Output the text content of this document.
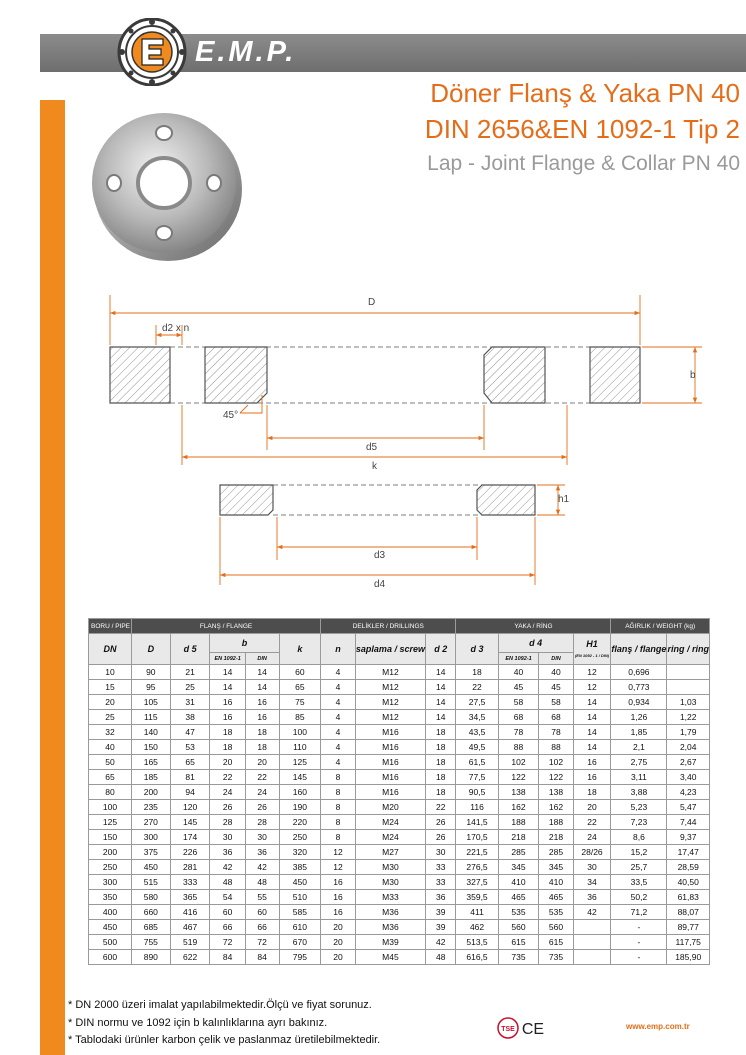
E.M.P.
Döner Flanş & Yaka PN 40
DIN 2656&EN 1092-1 Tip 2
Lap - Joint Flange & Collar PN 40
D
d2 x n
b
45°
d5
k
h1
d3
d4
BORU / PIPE	FLANŞ / FLANGE					DELİKLER / DRILLINGS			YAKA / RİNG				AĞIRLIK / WEIGHT (kg)	
DN	D	d 5	b		k	n	saplama / screw	d 2	d 3	d 4		H1
(EN 1092 - 1 / DIN)	flanş / flange	ring / ring
			EN 1092-1	DIN						EN 1092-1	DIN			
10	90	21	14	14	60	4	M12	14	18	40	40	12	0,696	
15	95	25	14	14	65	4	M12	14	22	45	45	12	0,773	
20	105	31	16	16	75	4	M12	14	27,5	58	58	14	0,934	1,03
25	115	38	16	16	85	4	M12	14	34,5	68	68	14	1,26	1,22
32	140	47	18	18	100	4	M16	18	43,5	78	78	14	1,85	1,79
40	150	53	18	18	110	4	M16	18	49,5	88	88	14	2,1	2,04
50	165	65	20	20	125	4	M16	18	61,5	102	102	16	2,75	2,67
65	185	81	22	22	145	8	M16	18	77,5	122	122	16	3,11	3,40
80	200	94	24	24	160	8	M16	18	90,5	138	138	18	3,88	4,23
100	235	120	26	26	190	8	M20	22	116	162	162	20	5,23	5,47
125	270	145	28	28	220	8	M24	26	141,5	188	188	22	7,23	7,44
150	300	174	30	30	250	8	M24	26	170,5	218	218	24	8,6	9,37
200	375	226	36	36	320	12	M27	30	221,5	285	285	28/26	15,2	17,47
250	450	281	42	42	385	12	M30	33	276,5	345	345	30	25,7	28,59
300	515	333	48	48	450	16	M30	33	327,5	410	410	34	33,5	40,50
350	580	365	54	55	510	16	M33	36	359,5	465	465	36	50,2	61,83
400	660	416	60	60	585	16	M36	39	411	535	535	42	71,2	88,07
450	685	467	66	66	610	20	M36	39	462	560	560		-	89,77
500	755	519	72	72	670	20	M39	42	513,5	615	615		-	117,75
600	890	622	84	84	795	20	M45	48	616,5	735	735		-	185,90
* DN 2000 üzeri imalat yapılabilmektedir.Ölçü ve fiyat sorunuz.
* DIN normu ve 1092 için b kalınlıklarına ayrı bakınız.
* Tablodaki ürünler karbon çelik ve paslanmaz üretilebilmektedir.
TSE CE	www.emp.com.tr
